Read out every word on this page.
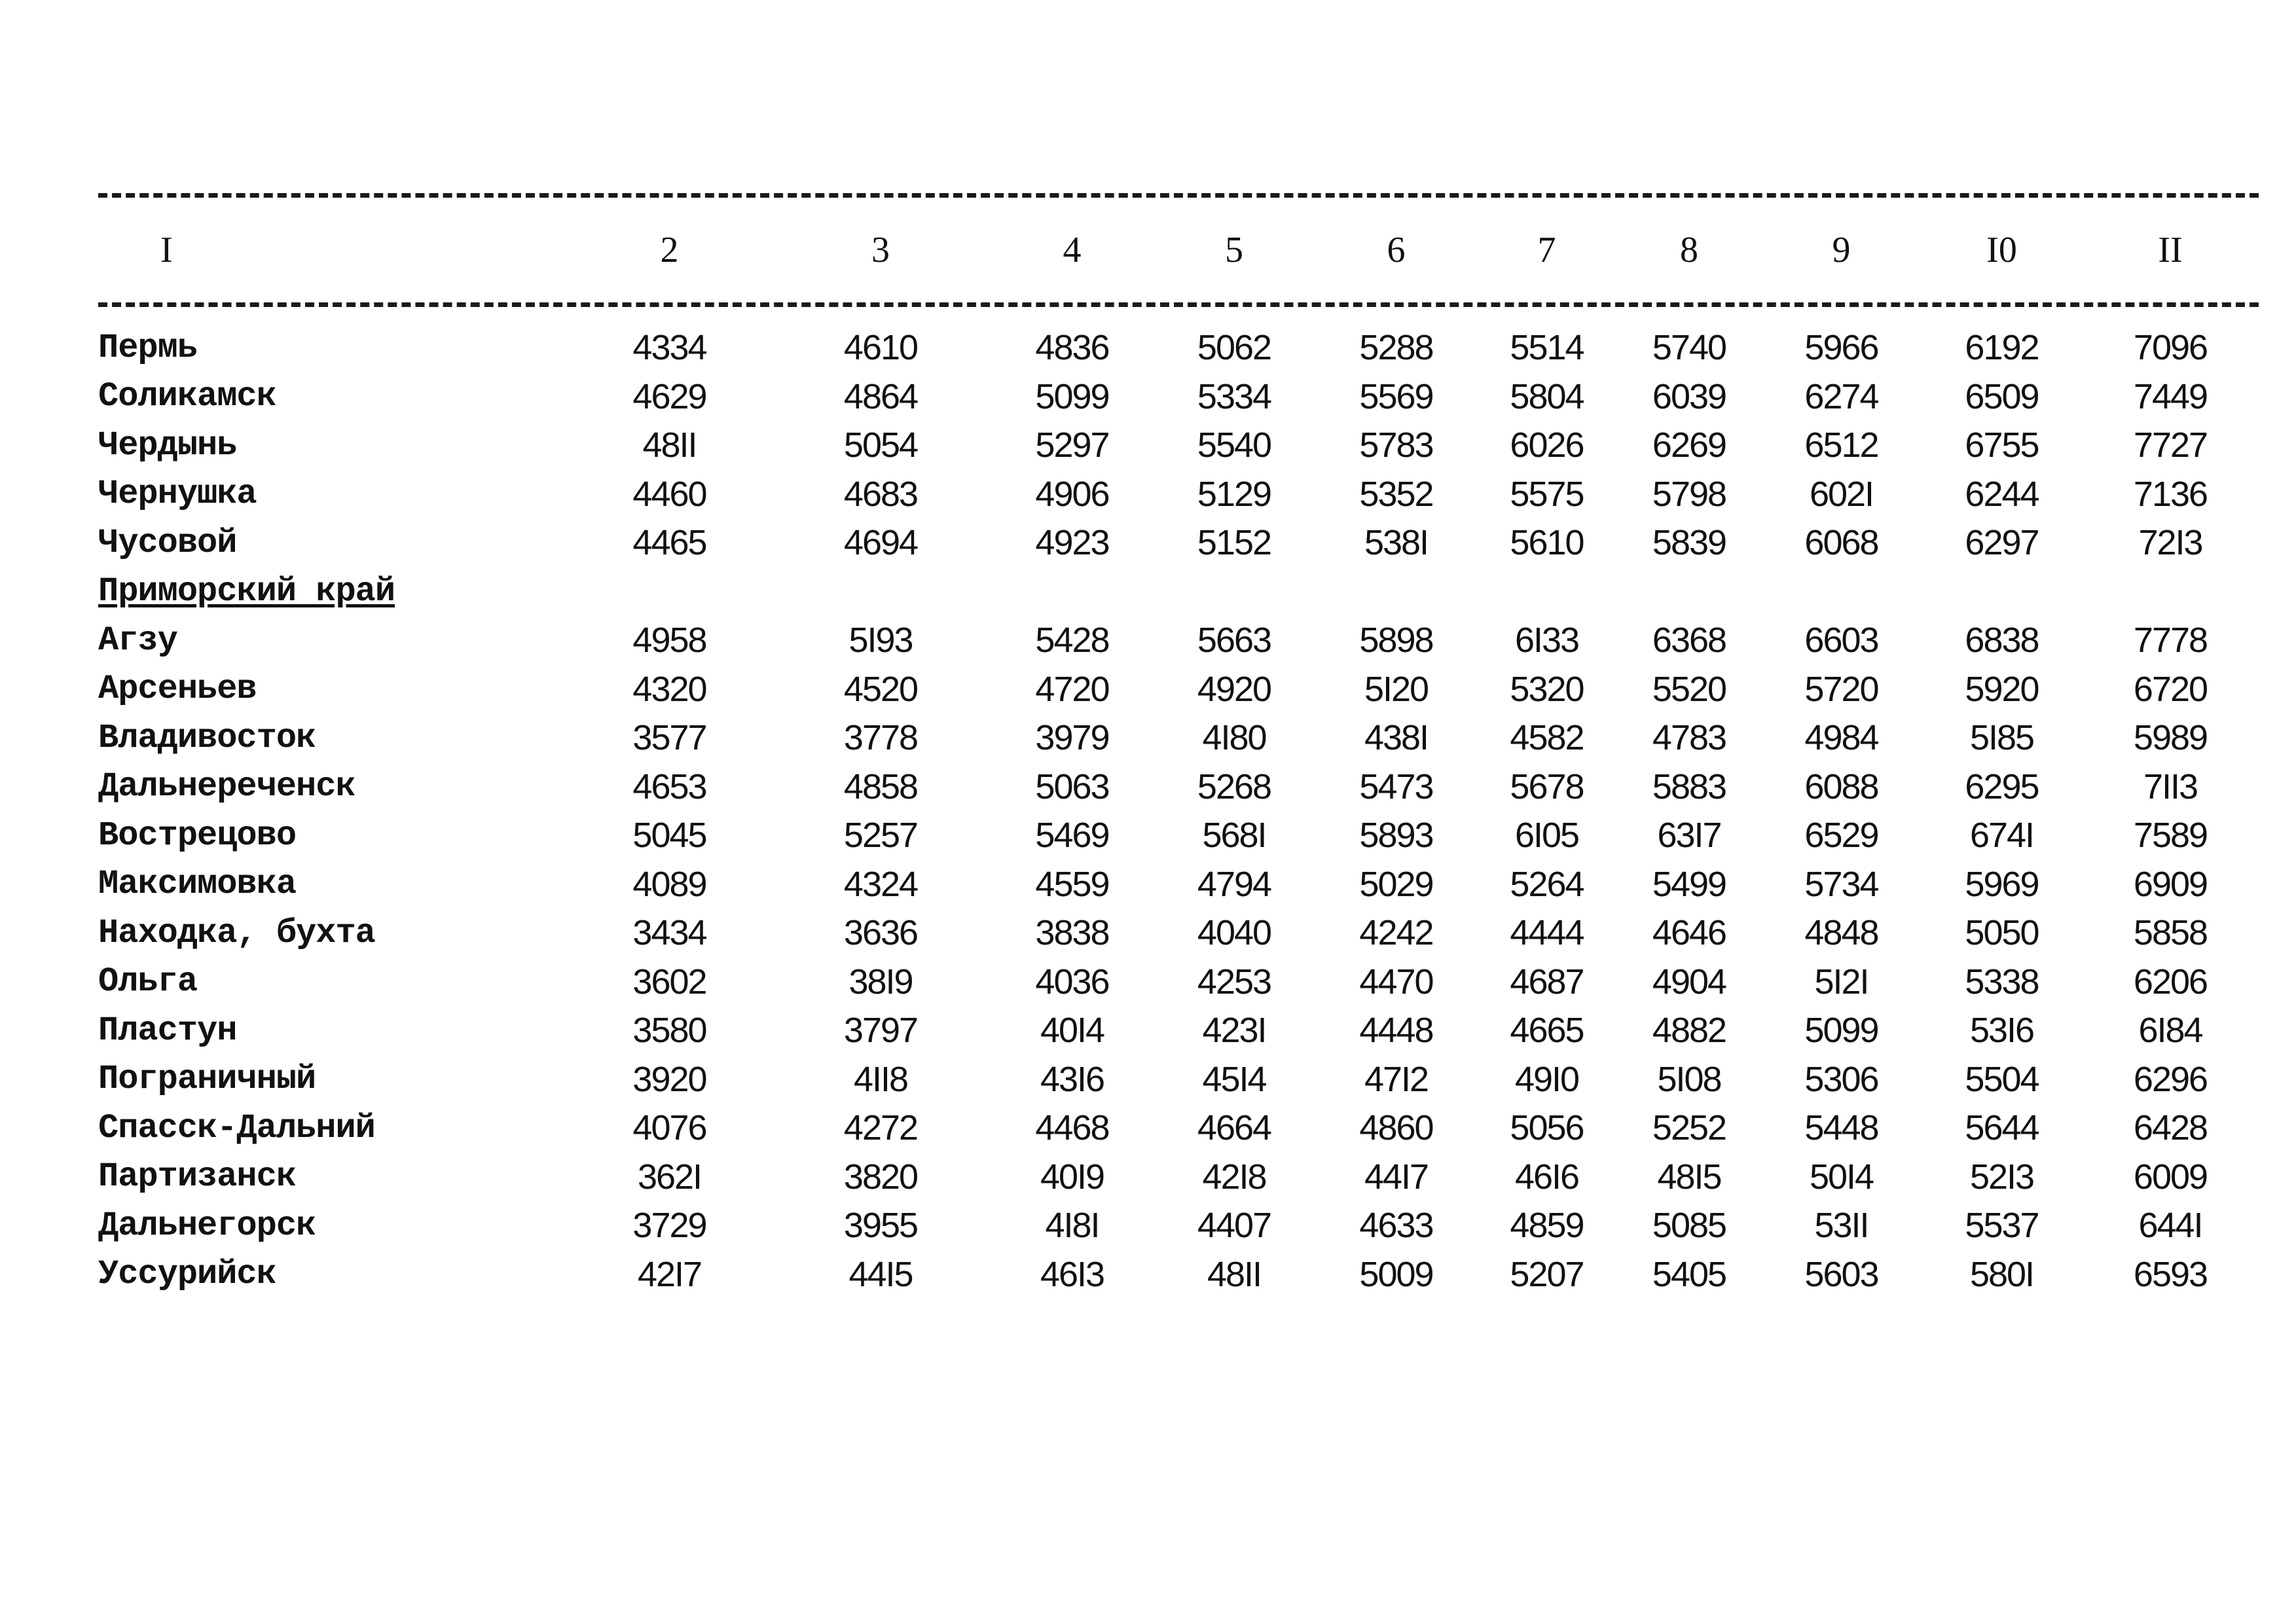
I	2	3	4	5	6	7	8	9	I0	II
Пермь	4334	4610	4836	5062	5288	5514	5740	5966	6192	7096
Соликамск	4629	4864	5099	5334	5569	5804	6039	6274	6509	7449
Чердынь	48II	5054	5297	5540	5783	6026	6269	6512	6755	7727
Чернушка	4460	4683	4906	5129	5352	5575	5798	602I	6244	7136
Чусовой	4465	4694	4923	5152	538I	5610	5839	6068	6297	72I3
Приморский край
Агзу	4958	5I93	5428	5663	5898	6I33	6368	6603	6838	7778
Арсеньев	4320	4520	4720	4920	5I20	5320	5520	5720	5920	6720
Владивосток	3577	3778	3979	4I80	438I	4582	4783	4984	5I85	5989
Дальнереченск	4653	4858	5063	5268	5473	5678	5883	6088	6295	7II3
Вострецово	5045	5257	5469	568I	5893	6I05	63I7	6529	674I	7589
Максимовка	4089	4324	4559	4794	5029	5264	5499	5734	5969	6909
Находка, бухта	3434	3636	3838	4040	4242	4444	4646	4848	5050	5858
Ольга	3602	38I9	4036	4253	4470	4687	4904	5I2I	5338	6206
Пластун	3580	3797	40I4	423I	4448	4665	4882	5099	53I6	6I84
Пограничный	3920	4II8	43I6	45I4	47I2	49I0	5I08	5306	5504	6296
Спасск-Дальний	4076	4272	4468	4664	4860	5056	5252	5448	5644	6428
Партизанск	362I	3820	40I9	42I8	44I7	46I6	48I5	50I4	52I3	6009
Дальнегорск	3729	3955	4I8I	4407	4633	4859	5085	53II	5537	644I
Уссурийск	42I7	44I5	46I3	48II	5009	5207	5405	5603	580I	6593
